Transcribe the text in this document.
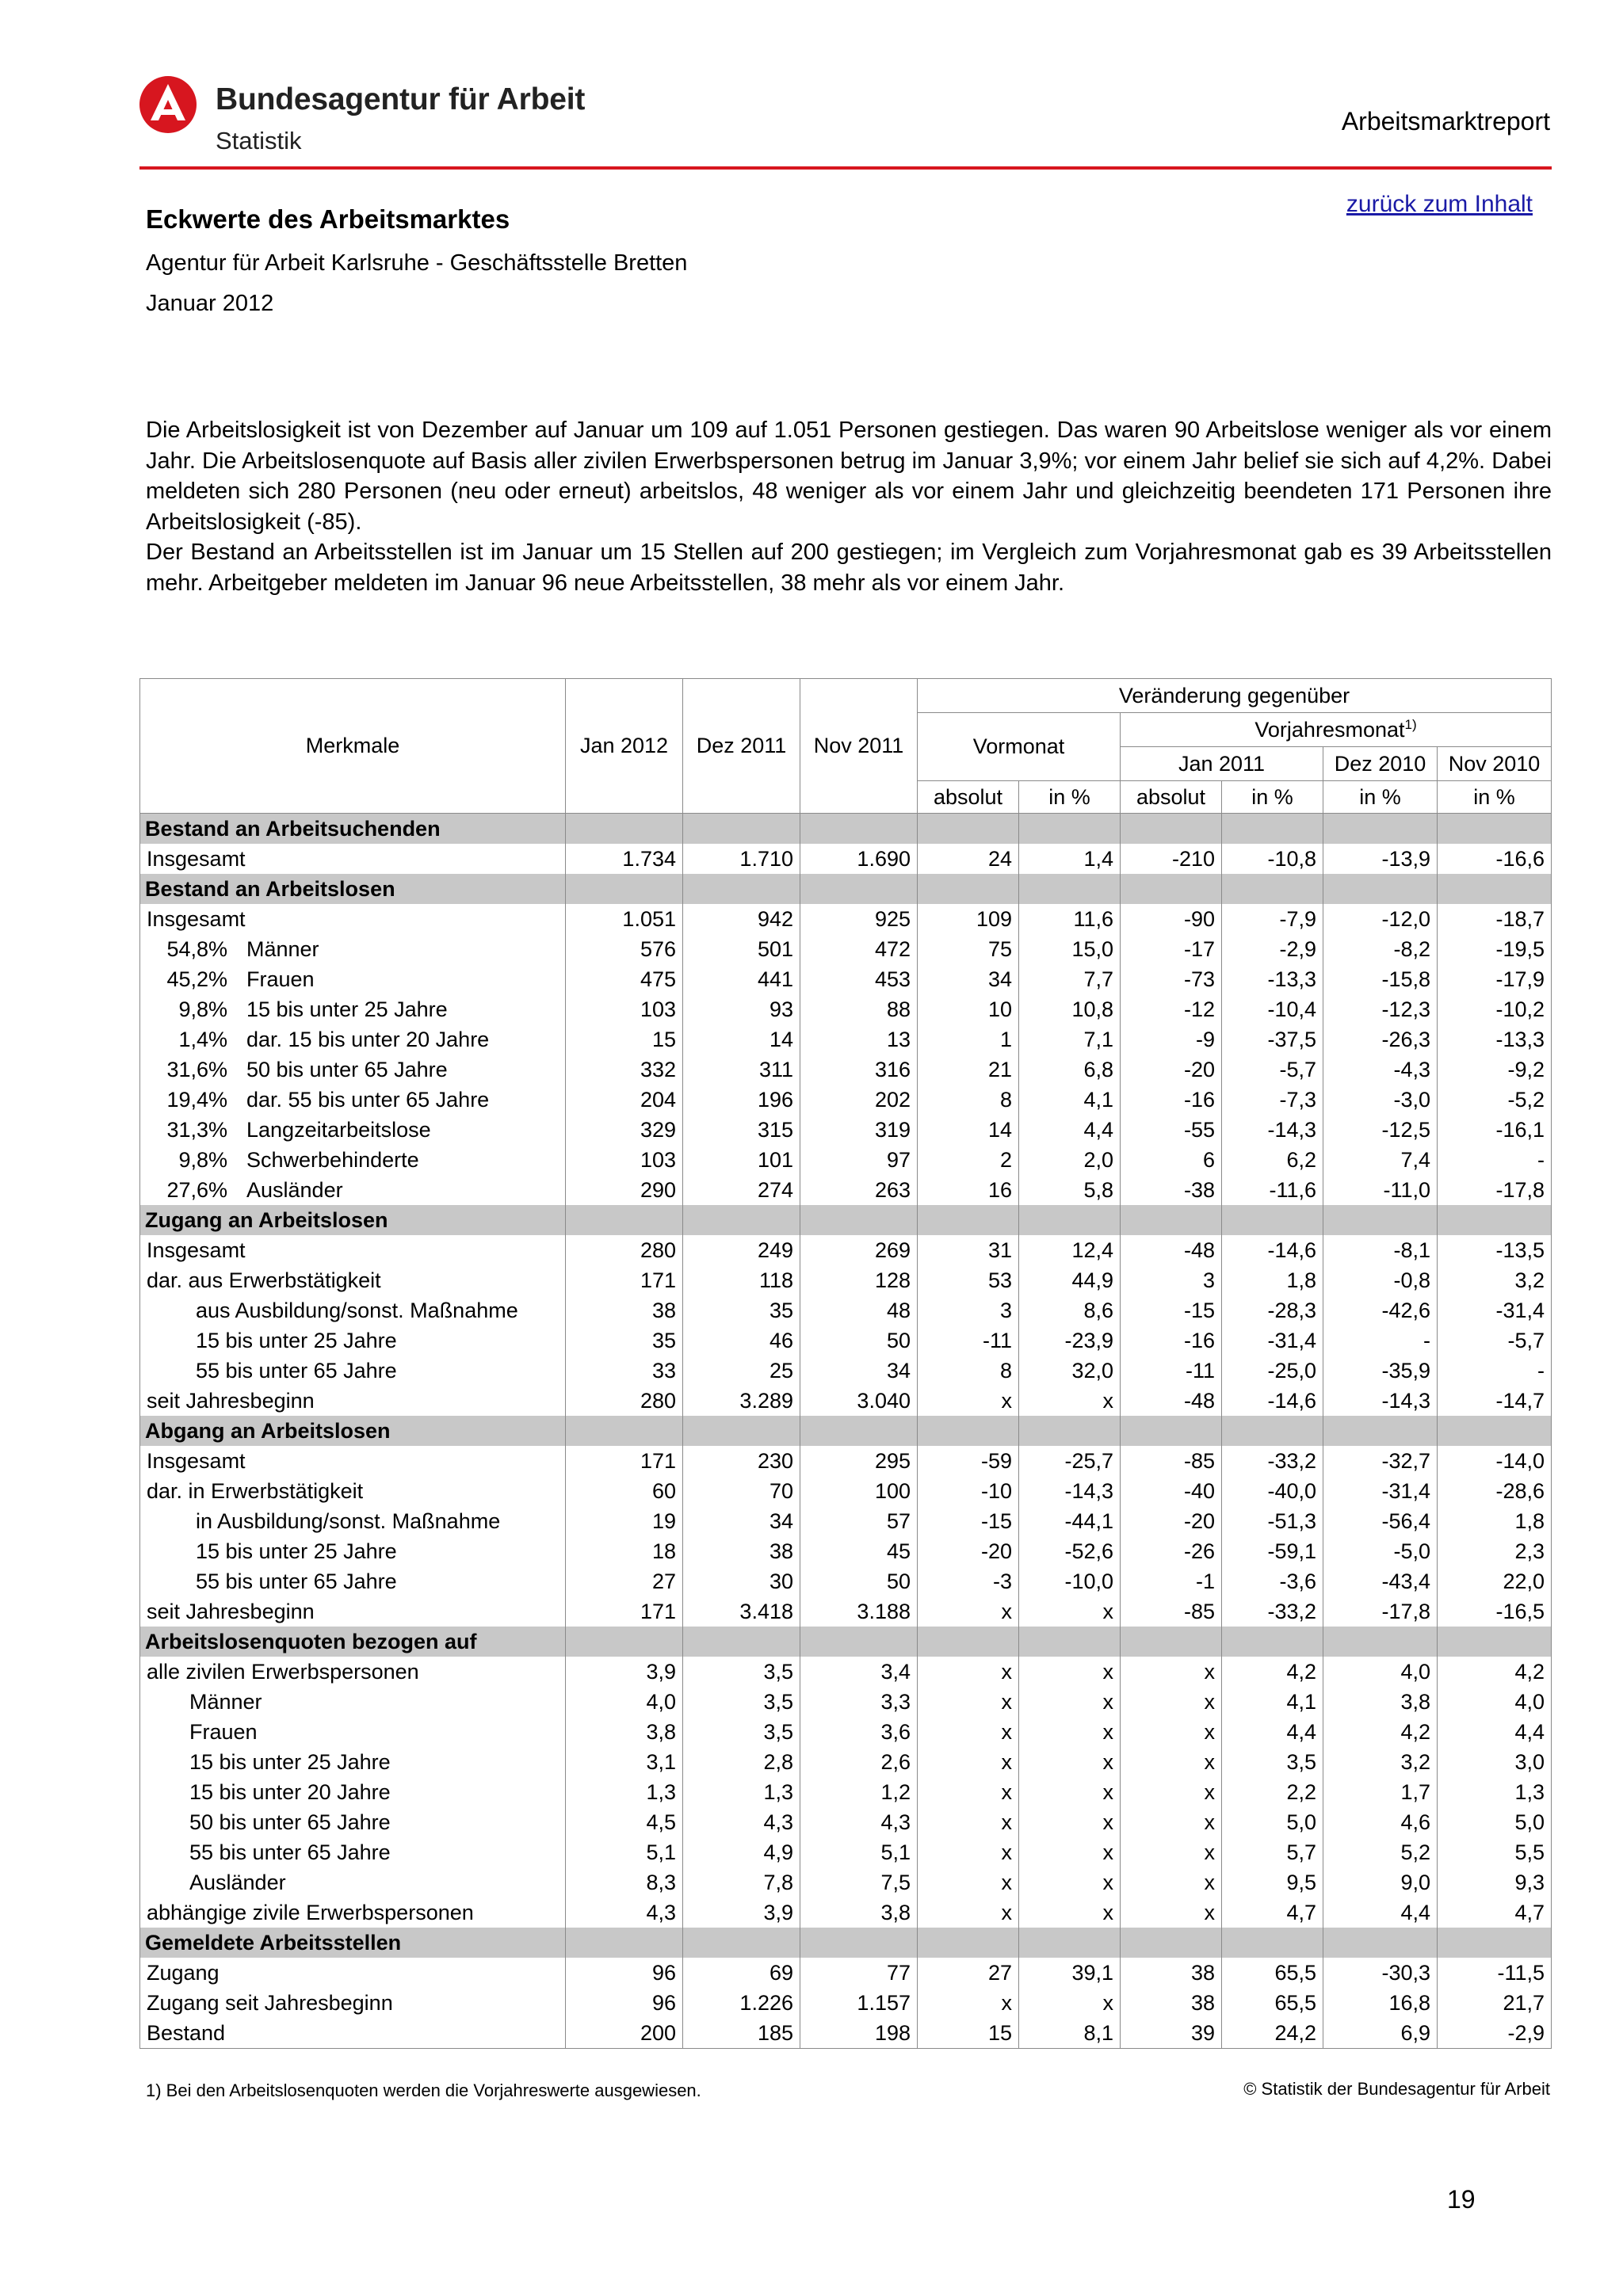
Bundesagentur für Arbeit
Statistik
Arbeitsmarktreport
zurück zum Inhalt
Eckwerte des Arbeitsmarktes
Agentur für Arbeit Karlsruhe - Geschäftsstelle Bretten
Januar 2012

Die Arbeitslosigkeit ist von Dezember auf Januar um 109 auf 1.051 Personen gestiegen. Das waren 90 Arbeitslose weniger als vor einem Jahr. Die Arbeitslosenquote auf Basis aller zivilen Erwerbspersonen betrug im Januar 3,9%; vor einem Jahr belief sie sich auf 4,2%. Dabei meldeten sich 280 Personen (neu oder erneut) arbeitslos, 48 weniger als vor einem Jahr und gleichzeitig beendeten 171 Personen ihre Arbeitslosigkeit (-85).

Der Bestand an Arbeitsstellen ist im Januar um 15 Stellen auf 200 gestiegen; im Vergleich zum Vorjahresmonat gab es 39 Arbeitsstellen mehr. Arbeitgeber meldeten im Januar 96 neue Arbeitsstellen, 38 mehr als vor einem Jahr.

Merkmale	Jan 2012	Dez 2011	Nov 2011	Veränderung gegenüber					
				Vormonat		Vorjahresmonat$^{1)}$
						Jan 2011		Dez 2010	Nov 2010
				absolut	in %	absolut	in %	in %	in %
Bestand an Arbeitsuchenden									
Insgesamt	1.734	1.710	1.690	24	1,4	-210	-10,8	-13,9	-16,6
Bestand an Arbeitslosen									
Insgesamt	1.051	942	925	109	11,6	-90	-7,9	-12,0	-18,7
54,8% Männer	576	501	472	75	15,0	-17	-2,9	-8,2	-19,5
45,2% Frauen	475	441	453	34	7,7	-73	-13,3	-15,8	-17,9
9,8% 15 bis unter 25 Jahre	103	93	88	10	10,8	-12	-10,4	-12,3	-10,2
1,4% dar. 15 bis unter 20 Jahre	15	14	13	1	7,1	-9	-37,5	-26,3	-13,3
31,6% 50 bis unter 65 Jahre	332	311	316	21	6,8	-20	-5,7	-4,3	-9,2
19,4% dar. 55 bis unter 65 Jahre	204	196	202	8	4,1	-16	-7,3	-3,0	-5,2
31,3% Langzeitarbeitslose	329	315	319	14	4,4	-55	-14,3	-12,5	-16,1
9,8% Schwerbehinderte	103	101	97	2	2,0	6	6,2	7,4	-
27,6% Ausländer	290	274	263	16	5,8	-38	-11,6	-11,0	-17,8
Zugang an Arbeitslosen									
Insgesamt	280	249	269	31	12,4	-48	-14,6	-8,1	-13,5
dar. aus Erwerbstätigkeit	171	118	128	53	44,9	3	1,8	-0,8	3,2
aus Ausbildung/sonst. Maßnahme	38	35	48	3	8,6	-15	-28,3	-42,6	-31,4
15 bis unter 25 Jahre	35	46	50	-11	-23,9	-16	-31,4	-	-5,7
55 bis unter 65 Jahre	33	25	34	8	32,0	-11	-25,0	-35,9	-
seit Jahresbeginn	280	3.289	3.040	x	x	-48	-14,6	-14,3	-14,7
Abgang an Arbeitslosen									
Insgesamt	171	230	295	-59	-25,7	-85	-33,2	-32,7	-14,0
dar. in Erwerbstätigkeit	60	70	100	-10	-14,3	-40	-40,0	-31,4	-28,6
in Ausbildung/sonst. Maßnahme	19	34	57	-15	-44,1	-20	-51,3	-56,4	1,8
15 bis unter 25 Jahre	18	38	45	-20	-52,6	-26	-59,1	-5,0	2,3
55 bis unter 65 Jahre	27	30	50	-3	-10,0	-1	-3,6	-43,4	22,0
seit Jahresbeginn	171	3.418	3.188	x	x	-85	-33,2	-17,8	-16,5
Arbeitslosenquoten bezogen auf									
alle zivilen Erwerbspersonen	3,9	3,5	3,4	x	x	x	4,2	4,0	4,2
Männer	4,0	3,5	3,3	x	x	x	4,1	3,8	4,0
Frauen	3,8	3,5	3,6	x	x	x	4,4	4,2	4,4
15 bis unter 25 Jahre	3,1	2,8	2,6	x	x	x	3,5	3,2	3,0
15 bis unter 20 Jahre	1,3	1,3	1,2	x	x	x	2,2	1,7	1,3
50 bis unter 65 Jahre	4,5	4,3	4,3	x	x	x	5,0	4,6	5,0
55 bis unter 65 Jahre	5,1	4,9	5,1	x	x	x	5,7	5,2	5,5
Ausländer	8,3	7,8	7,5	x	x	x	9,5	9,0	9,3
abhängige zivile Erwerbspersonen	4,3	3,9	3,8	x	x	x	4,7	4,4	4,7
Gemeldete Arbeitsstellen									
Zugang	96	69	77	27	39,1	38	65,5	-30,3	-11,5
Zugang seit Jahresbeginn	96	1.226	1.157	x	x	38	65,5	16,8	21,7
Bestand	200	185	198	15	8,1	39	24,2	6,9	-2,9
1) Bei den Arbeitslosenquoten werden die Vorjahreswerte ausgewiesen.	© Statistik der Bundesagentur für Arbeit
19
